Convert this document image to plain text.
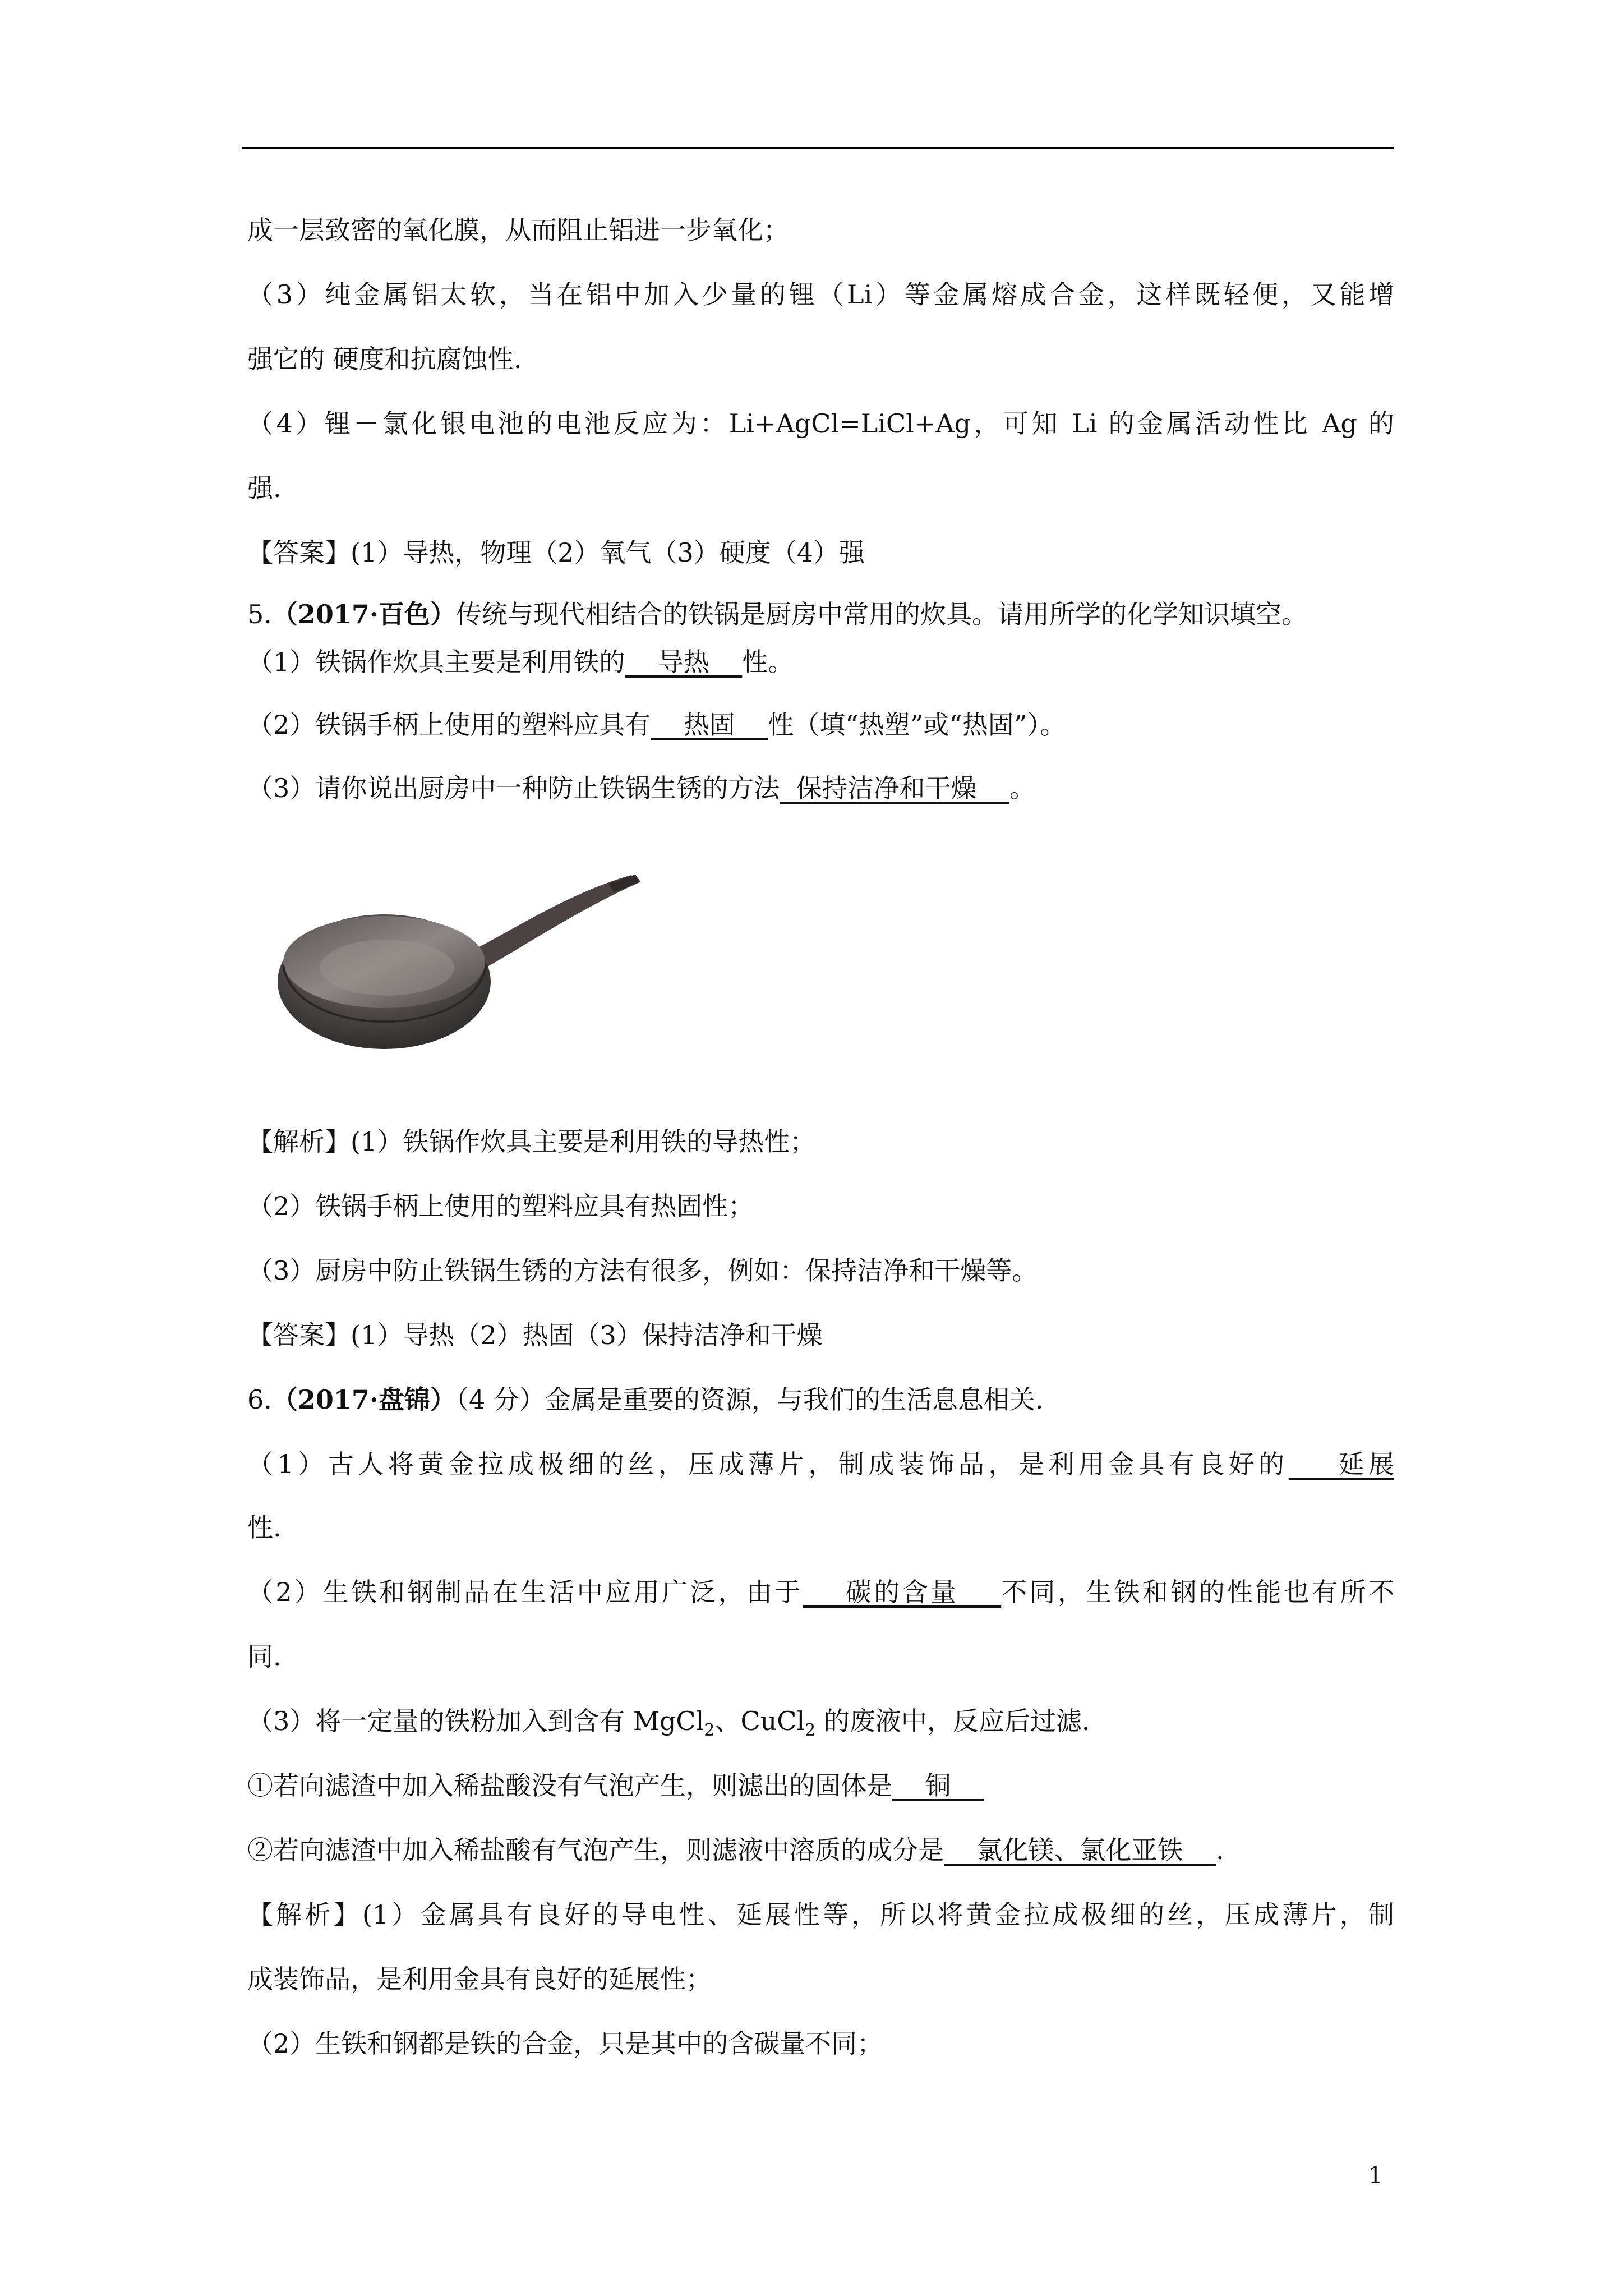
成一层致密的氧化膜，从而阻止铝进一步氧化；
（3）纯金属铝太软，当在铝中加入少量的锂（Li）等金属熔成合金，这样既轻便，又能增
强它的 硬度和抗腐蚀性.
（4）锂－氯化银电池的电池反应为：Li+AgCl=LiCl+Ag，可知 Li 的金属活动性比 Ag 的
强.
【答案】(1）导热，物理（2）氧气（3）硬度（4）强
5.（2017·百色）传统与现代相结合的铁锅是厨房中常用的炊具。请用所学的化学知识填空。
（1）铁锅作炊具主要是利用铁的    导热    性。
（2）铁锅手柄上使用的塑料应具有    热固    性（填“热塑”或“热固”）。
（3）请你说出厨房中一种防止铁锅生锈的方法  保持洁净和干燥    。
【解析】(1）铁锅作炊具主要是利用铁的导热性；
（2）铁锅手柄上使用的塑料应具有热固性；
（3）厨房中防止铁锅生锈的方法有很多，例如：保持洁净和干燥等。
【答案】(1）导热（2）热固（3）保持洁净和干燥
6.（2017·盘锦）（4 分）金属是重要的资源，与我们的生活息息相关.
（1）古人将黄金拉成极细的丝，压成薄片，制成装饰品，是利用金具有良好的    延展
性.
（2）生铁和钢制品在生活中应用广泛，由于    碳的含量    不同，生铁和钢的性能也有所不
同.
（3）将一定量的铁粉加入到含有 MgCl$_2$、CuCl$_2$ 的废液中，反应后过滤.
①若向滤渣中加入稀盐酸没有气泡产生，则滤出的固体是    铜
②若向滤渣中加入稀盐酸有气泡产生，则滤液中溶质的成分是    氯化镁、氯化亚铁    .
【解析】(1）金属具有良好的导电性、延展性等，所以将黄金拉成极细的丝，压成薄片，制
成装饰品，是利用金具有良好的延展性；
（2）生铁和钢都是铁的合金，只是其中的含碳量不同；
1
